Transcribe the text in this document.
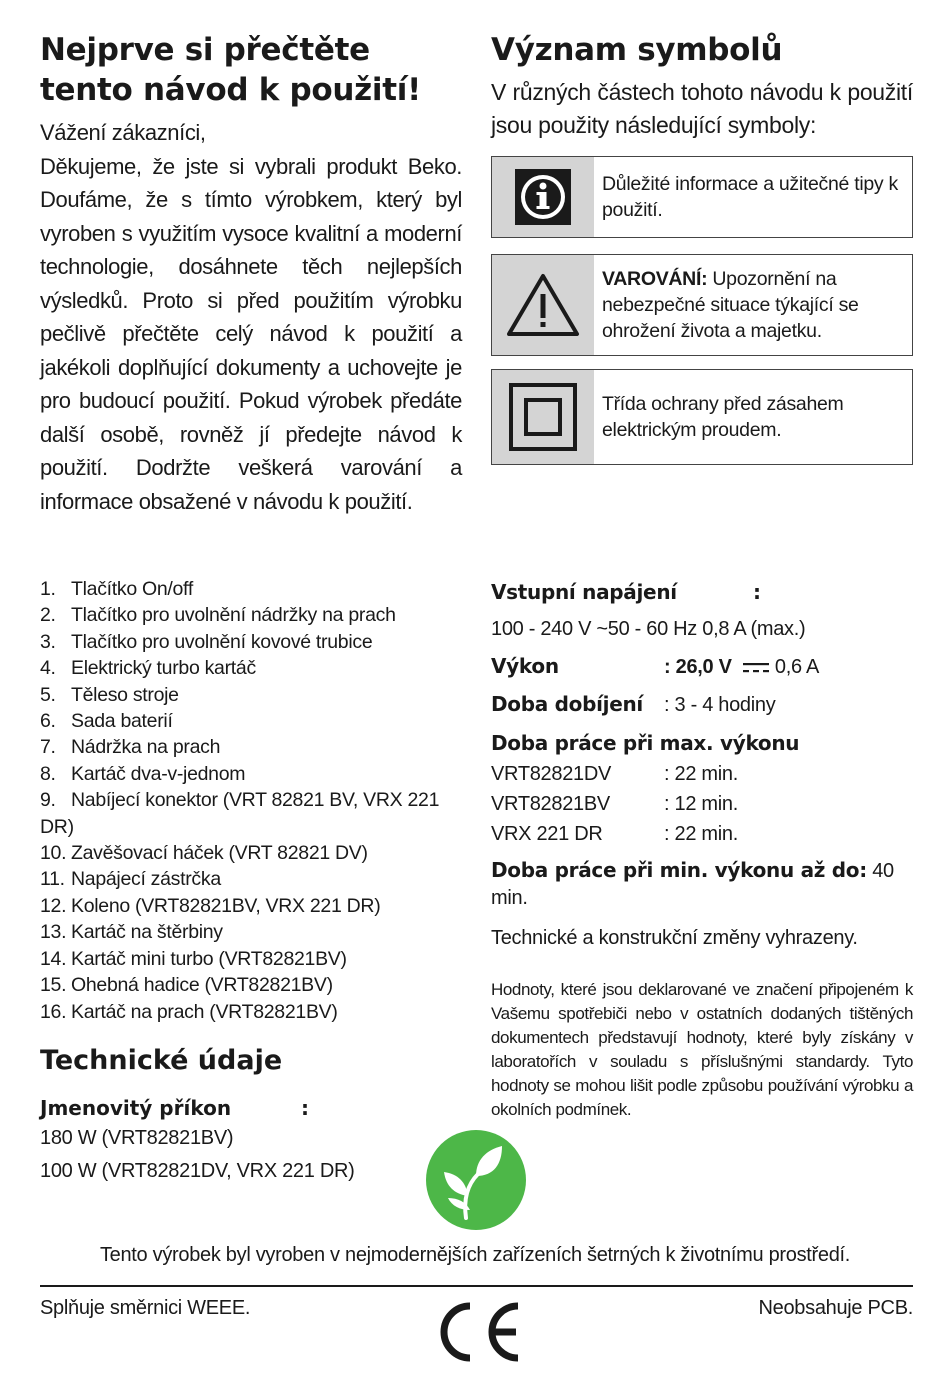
Nejprve si přečtěte tento návod k použití!

Vážení zákazníci,

Děkujeme, že jste si vybrali produkt Beko. Doufáme, že s tímto výrobkem, který byl vyroben s využitím vysoce kvalitní a moderní technologie, dosáhnete těch nejlepších výsledků. Proto si před použitím výrobku pečlivě přečtěte celý návod k použití a jakékoli doplňující dokumenty a uchovejte je pro budoucí použití. Pokud výrobek předáte další osobě, rovněž jí předejte návod k použití. Dodržte veškerá varování a informace obsažené v návodu k použití.

Význam symbolů
V různých částech tohoto návodu k použití jsou použity následující symboly:
Důležité informace a užitečné tipy k použití.
VAROVÁNÍ: Upozornění na nebezpečné situace týkající se ohrožení života a majetku.
Třída ochrany před zásahem elektrickým proudem.
1. Tlačítko On/off
2. Tlačítko pro uvolnění nádržky na prach
3. Tlačítko pro uvolnění kovové trubice
4. Elektrický turbo kartáč
5. Těleso stroje
6. Sada baterií
7. Nádržka na prach
8. Kartáč dva-v-jednom
9. Nabíjecí konektor (VRT 82821 BV, VRX 221 DR)
10. Zavěšovací háček (VRT 82821 DV)
11. Napájecí zástrčka
12. Koleno (VRT82821BV, VRX 221 DR)
13. Kartáč na štěrbiny
14. Kartáč mini turbo (VRT82821BV)
15. Ohebná hadice (VRT82821BV)
16. Kartáč na prach (VRT82821BV)
Technické údaje
Jmenovitý příkon	:
180 W (VRT82821BV)
100 W (VRT82821DV, VRX 221 DR)
Vstupní napájení	:
100 - 240 V ~50 - 60 Hz 0,8 A (max.)
Výkon	: 26,0 V 0,6 A
Doba dobíjení	: 3 - 4 hodiny
Doba práce při max. výkonu
VRT82821DV	: 22 min.
VRT82821BV	: 12 min.
VRX 221 DR	: 22 min.
Doba práce při min. výkonu až do: 40 min.
Technické a konstrukční změny vyhrazeny.
Hodnoty, které jsou deklarované ve značení připojeném k Vašemu spotřebiči nebo v ostatních dodaných tištěných dokumentech představují hodnoty, které byly získány v laboratořích v souladu s příslušnými standardy. Tyto hodnoty se mohou lišit podle způsobu používání výrobku a okolních podmínek.
Tento výrobek byl vyroben v nejmodernějších zařízeních šetrných k životnímu prostředí.
Splňuje směrnici WEEE.	Neobsahuje PCB.
